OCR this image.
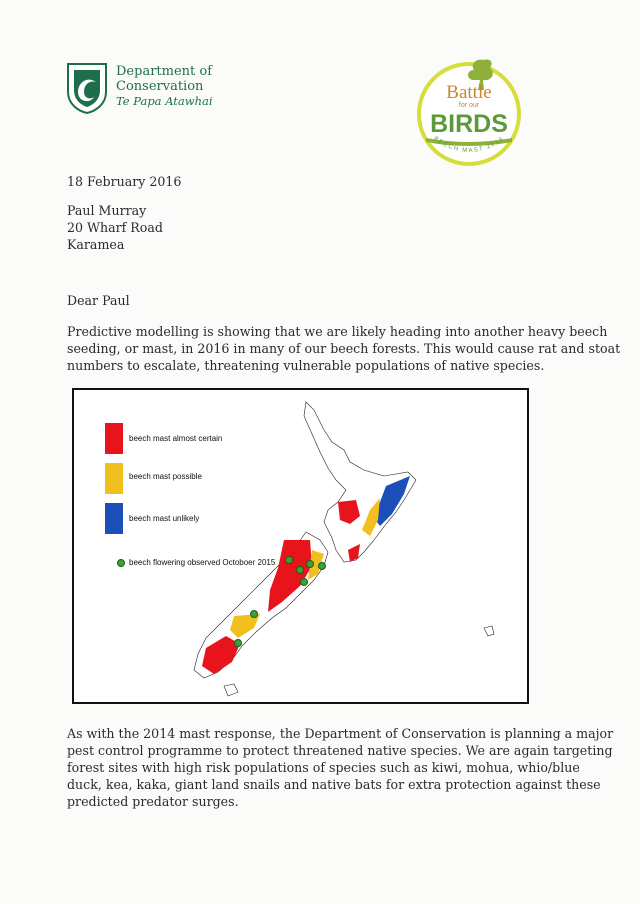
Department of
Conservation
Te Papa Atawhai	Battle
for our
BIRDS
BEECH MAST 2016
18 February 2016
Paul Murray
20 Wharf Road
Karamea
Dear Paul
Predictive modelling is showing that we are likely heading into another heavy beech
seeding, or mast, in 2016 in many of our beech forests. This would cause rat and stoat
numbers to escalate, threatening vulnerable populations of native species.
beech mast almost certain
beech mast possible
beech mast unlikely
beech flowering observed Octoboer 2015
As with the 2014 mast response, the Department of Conservation is planning a major
pest control programme to protect threatened native species. We are again targeting
forest sites with high risk populations of species such as kiwi, mohua, whio/blue
duck, kea, kaka, giant land snails and native bats for extra protection against these
predicted predator surges.
